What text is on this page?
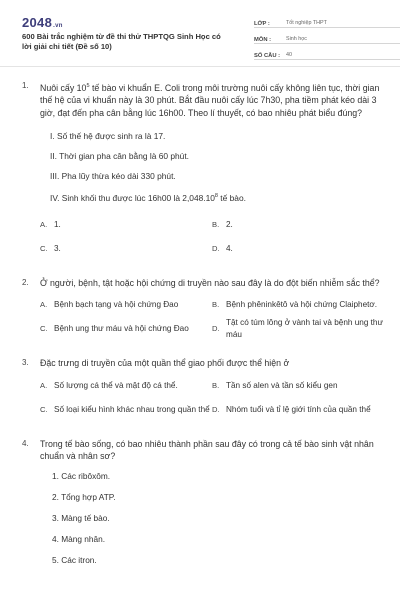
2048.vn
600 Bài trắc nghiệm từ đề thi thử THPTQG Sinh Học có lời giải chi tiết (Đề số 10)
LỚP :	Tốt nghiệp THPT
MÔN :	Sinh học
SỐ CÂU :	40
1. Nuôi cấy $10^5$ tế bào vi khuẩn E. Coli trong môi trường nuôi cấy không liên tục, thời gian thế hệ của vi khuẩn này là 30 phút. Bắt đầu nuôi cấy lúc 7h30, pha tiềm phát kéo dài 3 giờ, đạt đến pha cân bằng lúc 16h00. Theo lí thuyết, có bao nhiêu phát biểu đúng?
I. Số thế hệ được sinh ra là 17.
II. Thời gian pha cân bằng là 60 phút.
III. Pha lũy thừa kéo dài 330 phút.
IV. Sinh khối thu được lúc 16h00 là 2,048.10$^8$ tế bào.
A. 1.	B. 2.
C. 3.	D. 4.
2. Ở người, bệnh, tật hoặc hội chứng di truyền nào sau đây là do đột biến nhiễm sắc thể?
A. Bệnh bạch tạng và hội chứng Đao	B. Bệnh phêninkêtô và hội chứng Claiphetơ.
C. Bệnh ung thư máu và hội chứng Đao	D.
Tật có túm lông ở vành tai và bệnh ung thư máu
3. Đặc trưng di truyền của một quần thể giao phối được thể hiện ở
A. Số lượng cá thể và mật độ cá thể.	B. Tần số alen và tần số kiểu gen
C. Số loại kiểu hình khác nhau trong quần thể D. Nhóm tuổi và tỉ lệ giới tính của quần thể
4. Trong tế bào sống, có bao nhiêu thành phần sau đây có trong cả tế bào sinh vật nhân chuẩn và nhân sơ?
1. Các ribôxôm.
2. Tổng hợp ATP.
3. Màng tế bào.
4. Màng nhân.
5. Các itron.
